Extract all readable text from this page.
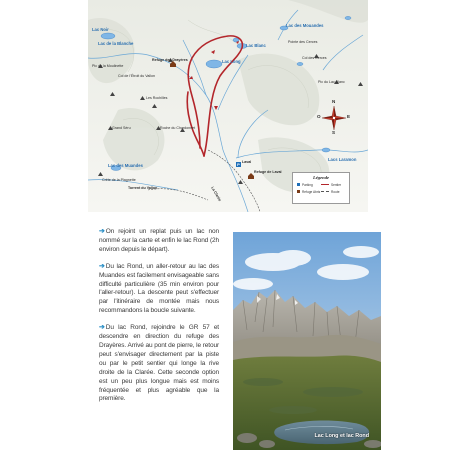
P
Lac Noir
Lac de la Blanche
Lac Long
Lac Blanc
Lac des Mouandes
Lac des Muandes
Lacs Laramon
Refuge des Drayères
Refuge de Laval
Laval
Pic de la Moulinette
Col de l'Étroit du Vallon
Les Rochilles
Grand Séru	Roche du Chardonnet
Pointe des Cerces
Col des Cerces
Pic du Lac Blanc
Crête de la Plagnette
La Clarée
Torrent du Vallon
N
S
E
O
Légende
Parking
Refuge Abris
Sentier
Route

➔On rejoint un replat puis un lac non nommé sur la carte et enfin le lac Rond (2h environ depuis le départ).

➔Du lac Rond, un aller-retour au lac des Muandes est facilement envisageable sans difficulté particulière (35 min environ pour l'aller-retour). La descente peut s'effectuer par l'itinéraire de montée mais nous recommandons la boucle suivante.

➔Du lac Rond, rejoindre le GR 57 et descendre en direction du refuge des Drayères. Arrivé au pont de pierre, le retour peut s'envisager directement par la piste ou par le petit sentier qui longe la rive droite de la Clarée. Cette seconde option est un peu plus longue mais est moins fréquentée et plus agréable que la première.

Lac Long et lac Rond
